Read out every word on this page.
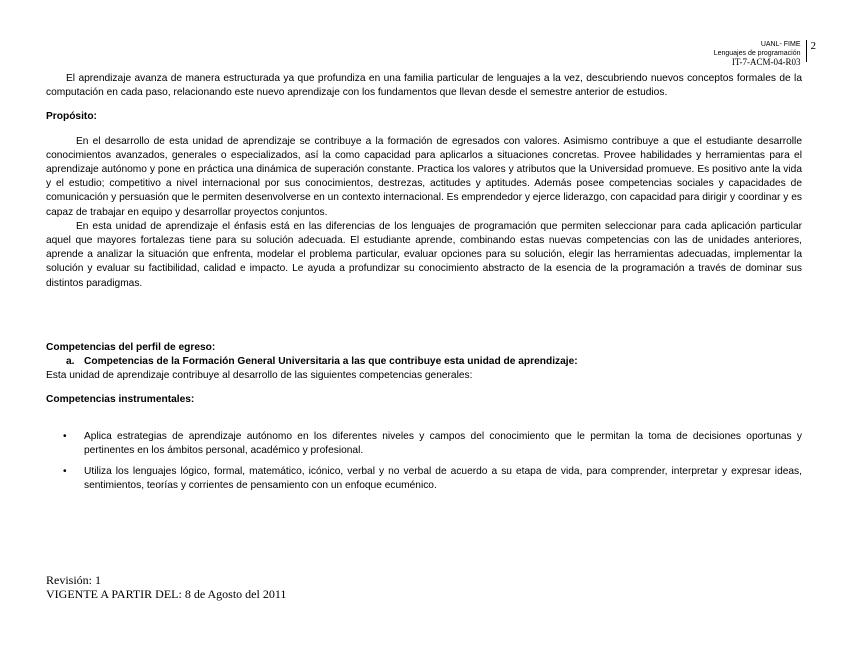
UANL- FIME
Lenguajes de programación
IT-7-ACM-04-R03
2

El aprendizaje avanza de manera estructurada ya que profundiza en una familia particular de lenguajes a la vez, descubriendo nuevos conceptos formales de la computación en cada paso, relacionando este nuevo aprendizaje con los fundamentos que llevan desde el semestre anterior de estudios.

Propósito:

En el desarrollo de esta unidad de aprendizaje se contribuye a la formación de egresados con valores. Asimismo contribuye a que el estudiante desarrolle conocimientos avanzados, generales o especializados, así la como capacidad para aplicarlos a situaciones concretas. Provee habilidades y herramientas para el aprendizaje autónomo y pone en práctica una dinámica de superación constante. Practica los valores y atributos que la Universidad promueve. Es positivo ante la vida y el estudio; competitivo a nivel internacional por sus conocimientos, destrezas, actitudes y aptitudes. Además posee competencias sociales y capacidades de comunicación y persuasión que le permiten desenvolverse en un contexto internacional. Es emprendedor y ejerce liderazgo, con capacidad para dirigir y coordinar y es capaz de trabajar en equipo y desarrollar proyectos conjuntos.

En esta unidad de aprendizaje el énfasis está en las diferencias de los lenguajes de programación que permiten seleccionar para cada aplicación particular aquel que mayores fortalezas tiene para su solución adecuada. El estudiante aprende, combinando estas nuevas competencias con las de unidades anteriores, aprende a analizar la situación que enfrenta, modelar el problema particular, evaluar opciones para su solución, elegir las herramientas adecuadas, implementar la solución y evaluar su factibilidad, calidad e impacto. Le ayuda a profundizar su conocimiento abstracto de la esencia de la programación a través de dominar sus distintos paradigmas.

Competencias del perfil de egreso:

a. Competencias de la Formación General Universitaria a las que contribuye esta unidad de aprendizaje:

Esta unidad de aprendizaje contribuye al desarrollo de las siguientes competencias generales:

Competencias instrumentales:

• Aplica estrategias de aprendizaje autónomo en los diferentes niveles y campos del conocimiento que le permitan la toma de decisiones oportunas y pertinentes en los ámbitos personal, académico y profesional.
• Utiliza los lenguajes lógico, formal, matemático, icónico, verbal y no verbal de acuerdo a su etapa de vida, para comprender, interpretar y expresar ideas, sentimientos, teorías y corrientes de pensamiento con un enfoque ecuménico.
Revisión: 1
VIGENTE A PARTIR DEL: 8 de Agosto del 2011
